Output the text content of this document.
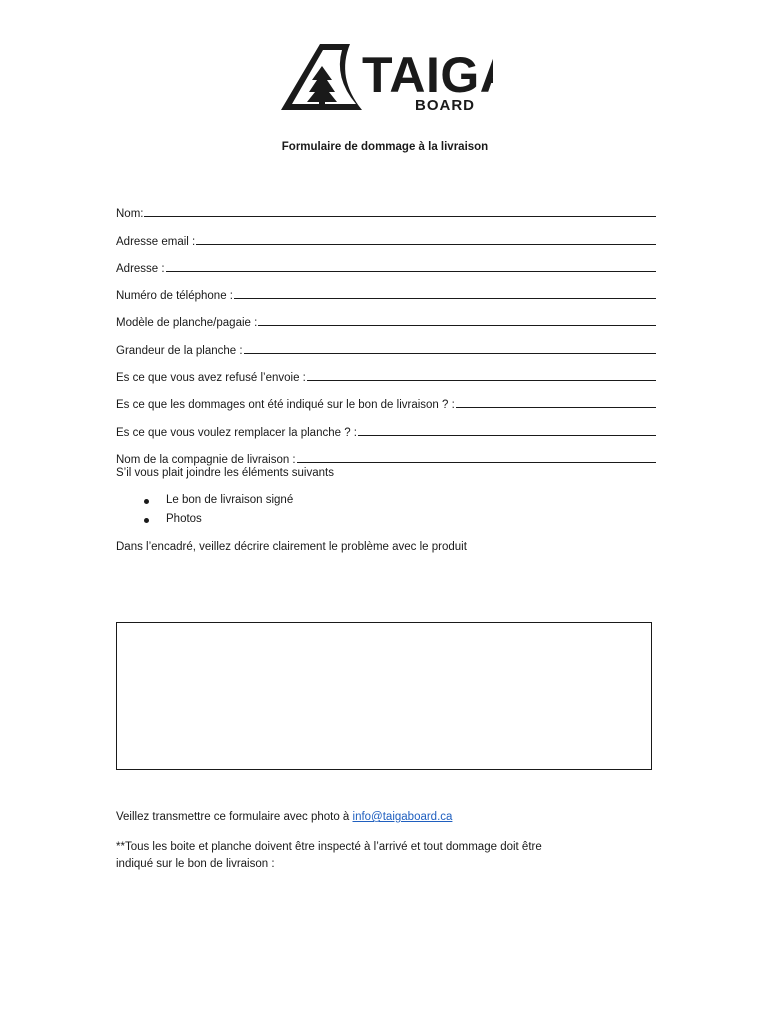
TAIG
BOARD
Formulaire de dommage à la livraison
Nom:
Adresse email :
Adresse :
Numéro de téléphone :
Modèle de planche/pagaie :
Grandeur de la planche :
Es ce que vous avez refusé l’envoie :
Es ce que les dommages ont été indiqué sur le bon de livraison ? :
Es ce que vous voulez remplacer la planche ? :
Nom de la compagnie de livraison :
S’il vous plait joindre les éléments suivants
Le bon de livraison signé
Photos
Dans l’encadré, veillez décrire clairement le problème avec le produit
Veillez transmettre ce formulaire avec photo à info@taigaboard.ca
**Tous les boite et planche doivent être inspecté à l’arrivé et tout dommage doit être
indiqué sur le bon de livraison :
